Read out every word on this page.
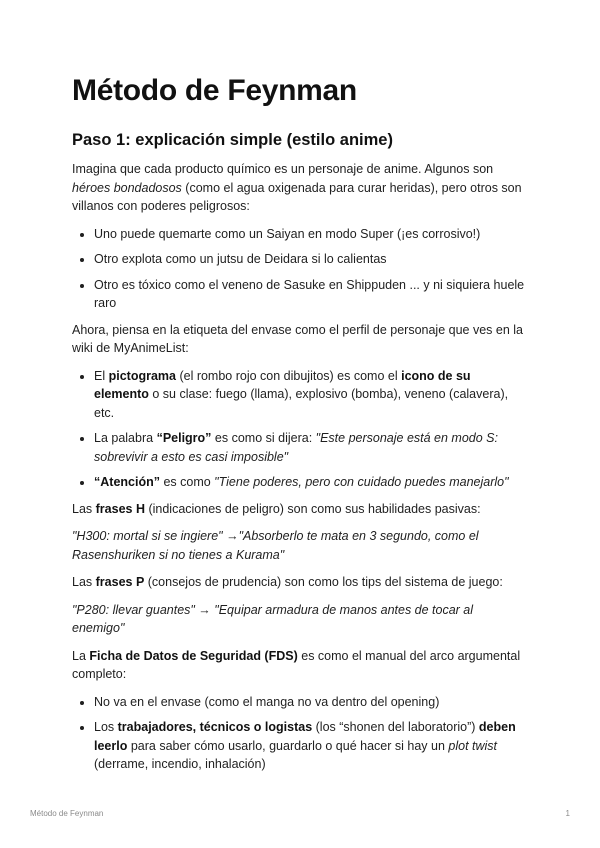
Método de Feynman
Paso 1: explicación simple (estilo anime)

Imagina que cada producto químico es un personaje de anime. Algunos son héroes bondadosos (como el agua oxigenada para curar heridas), pero otros son villanos con poderes peligrosos:

• Uno puede quemarte como un Saiyan en modo Super (¡es corrosivo!)
• Otro explota como un jutsu de Deidara si lo calientas
• Otro es tóxico como el veneno de Sasuke en Shippuden ... y ni siquiera huele raro

Ahora, piensa en la etiqueta del envase como el perfil de personaje que ves en la wiki de MyAnimeList:

• El pictograma (el rombo rojo con dibujitos) es como el icono de su elemento o su clase: fuego (llama), explosivo (bomba), veneno (calavera), etc.
• La palabra “Peligro” es como si dijera: "Este personaje está en modo S: sobrevivir a esto es casi imposible"
• “Atención” es como "Tiene poderes, pero con cuidado puedes manejarlo"

Las frases H (indicaciones de peligro) son como sus habilidades pasivas:

"H300: mortal si se ingiere" →"Absorberlo te mata en 3 segundo, como el Rasenshuriken si no tienes a Kurama"

Las frases P (consejos de prudencia) son como los tips del sistema de juego:

"P280: llevar guantes" → "Equipar armadura de manos antes de tocar al enemigo"

La Ficha de Datos de Seguridad (FDS) es como el manual del arco argumental completo:

• No va en el envase (como el manga no va dentro del opening)
• Los trabajadores, técnicos o logistas (los “shonen del laboratorio”) deben leerlo para saber cómo usarlo, guardarlo o qué hacer si hay un plot twist (derrame, incendio, inhalación)
Método de Feynman	1
